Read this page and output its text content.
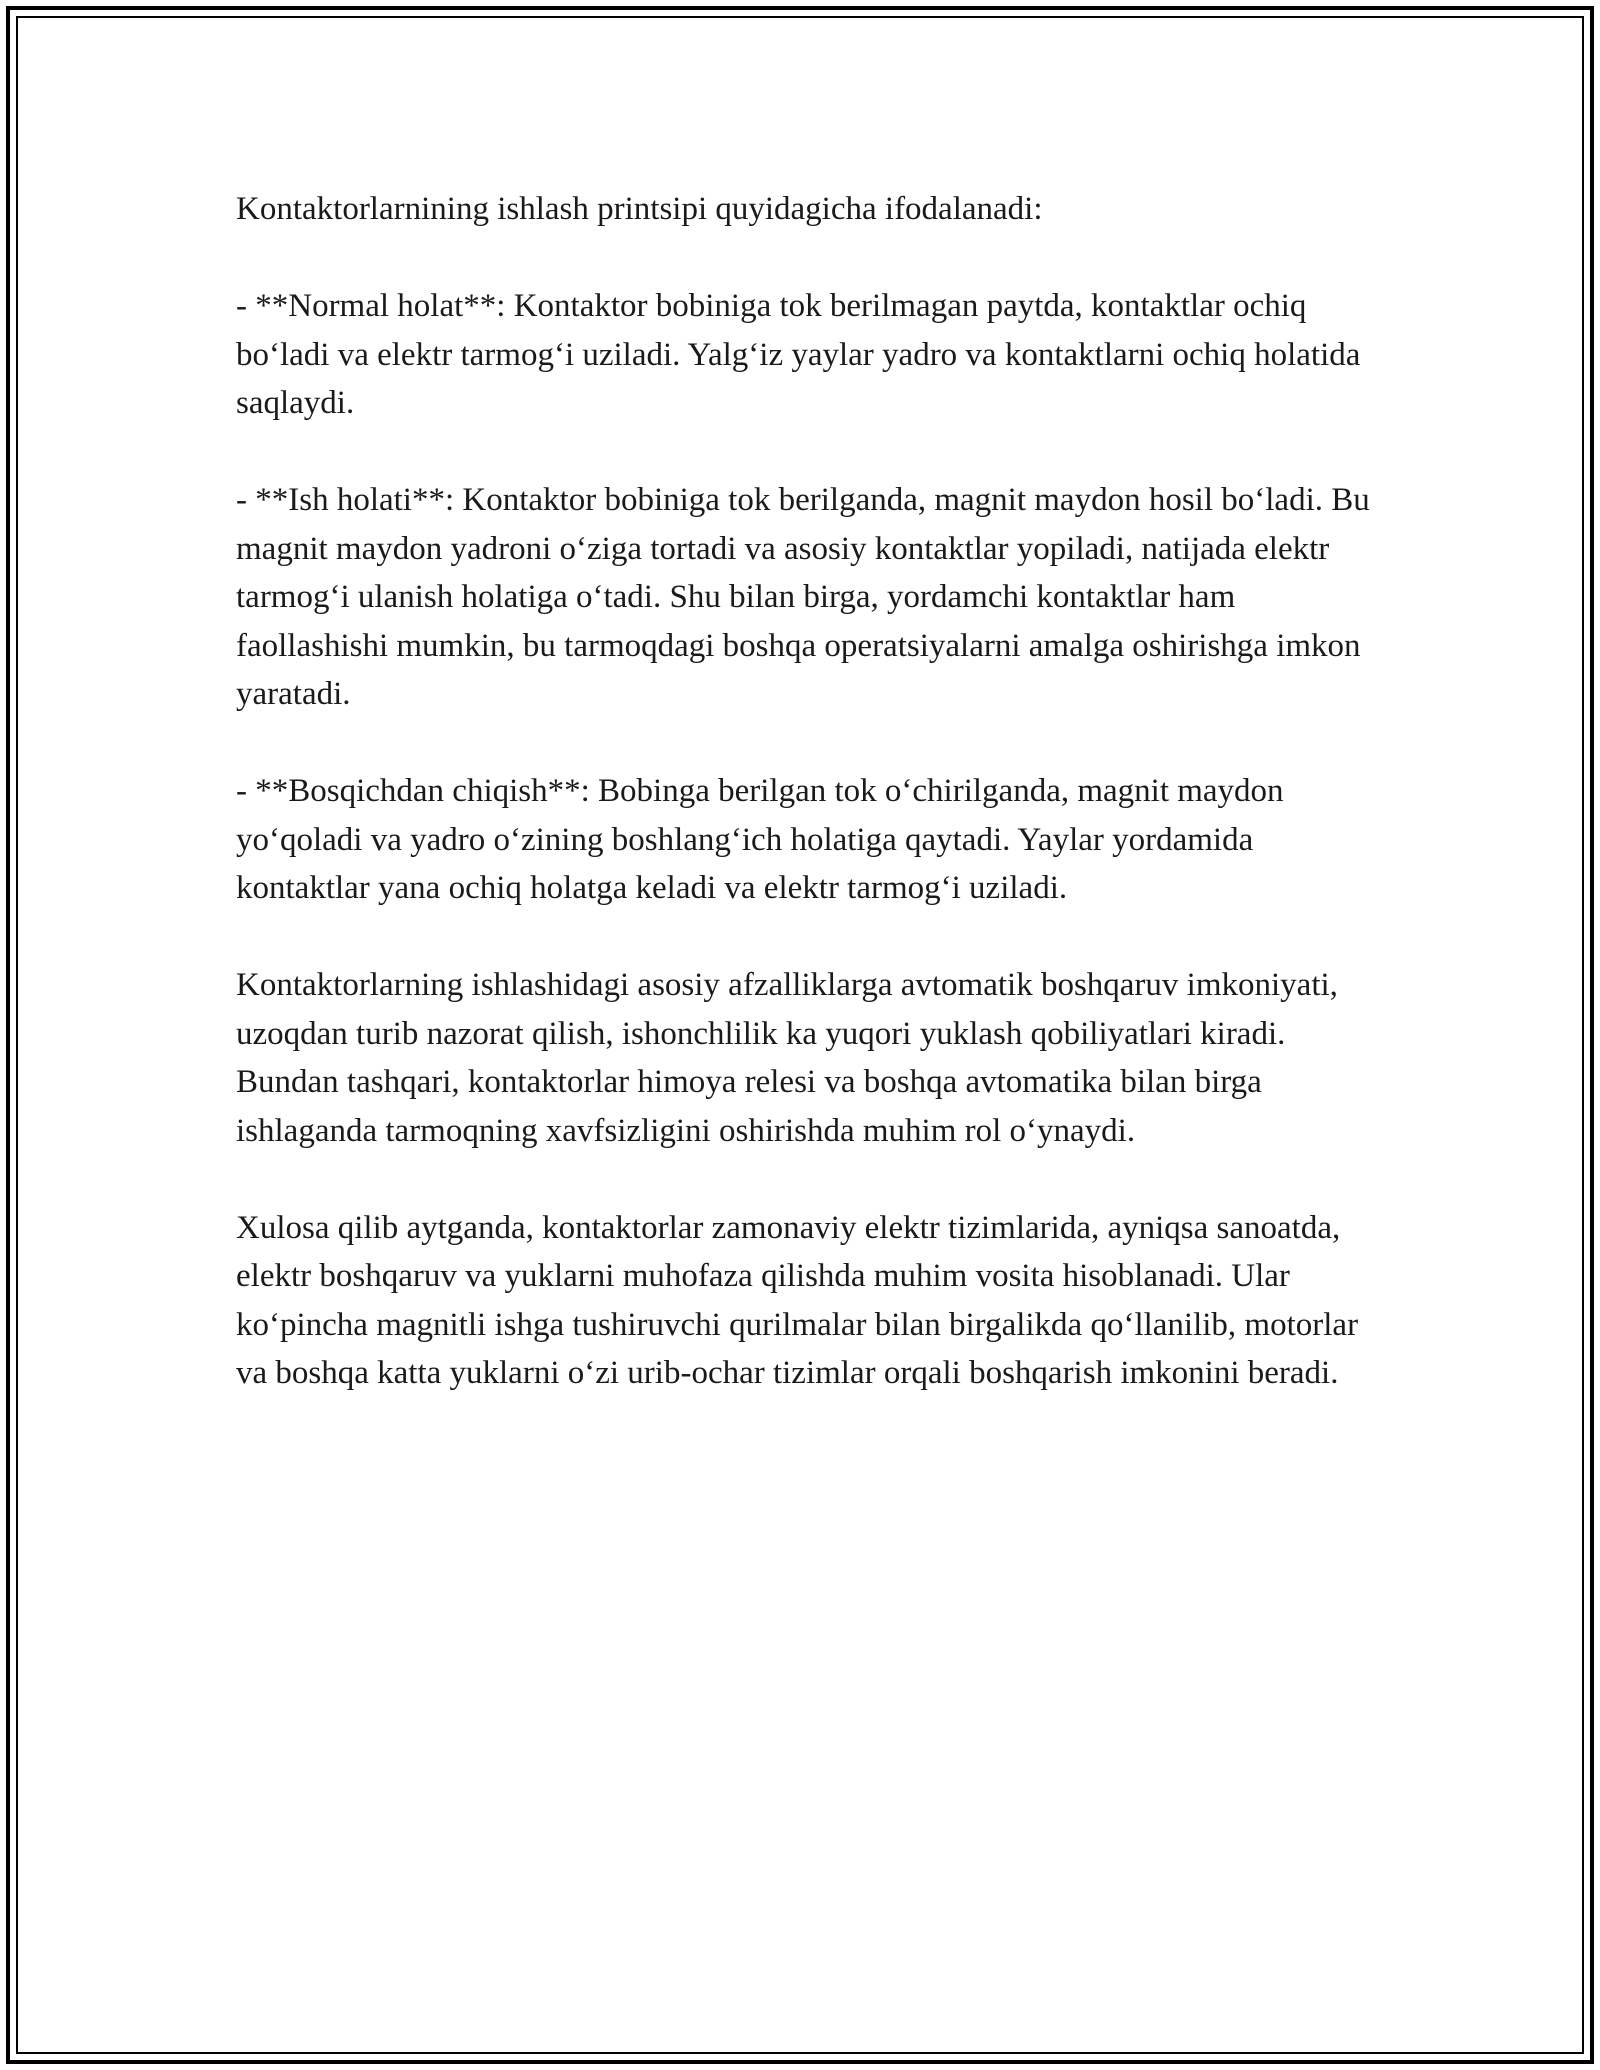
Kontaktorlarnining ishlash printsipi quyidagicha ifodalanadi:

- **Normal holat**: Kontaktor bobiniga tok berilmagan paytda, kontaktlar ochiq bo‘ladi va elektr tarmog‘i uziladi. Yalg‘iz yaylar yadro va kontaktlarni ochiq holatida saqlaydi.

- **Ish holati**: Kontaktor bobiniga tok berilganda, magnit maydon hosil bo‘ladi. Bu magnit maydon yadroni o‘ziga tortadi va asosiy kontaktlar yopiladi, natijada elektr tarmog‘i ulanish holatiga o‘tadi. Shu bilan birga, yordamchi kontaktlar ham faollashishi mumkin, bu tarmoqdagi boshqa operatsiyalarni amalga oshirishga imkon yaratadi.

- **Bosqichdan chiqish**: Bobinga berilgan tok o‘chirilganda, magnit maydon yo‘qoladi va yadro o‘zining boshlang‘ich holatiga qaytadi. Yaylar yordamida kontaktlar yana ochiq holatga keladi va elektr tarmog‘i uziladi.

Kontaktorlarning ishlashidagi asosiy afzalliklarga avtomatik boshqaruv imkoniyati, uzoqdan turib nazorat qilish, ishonchlilik ka yuqori yuklash qobiliyatlari kiradi. Bundan tashqari, kontaktorlar himoya relesi va boshqa avtomatika bilan birga ishlaganda tarmoqning xavfsizligini oshirishda muhim rol o‘ynaydi.

Xulosa qilib aytganda, kontaktorlar zamonaviy elektr tizimlarida, ayniqsa sanoatda, elektr boshqaruv va yuklarni muhofaza qilishda muhim vosita hisoblanadi. Ular ko‘pincha magnitli ishga tushiruvchi qurilmalar bilan birgalikda qo‘llanilib, motorlar va boshqa katta yuklarni o‘zi urib-ochar tizimlar orqali boshqarish imkonini beradi.
